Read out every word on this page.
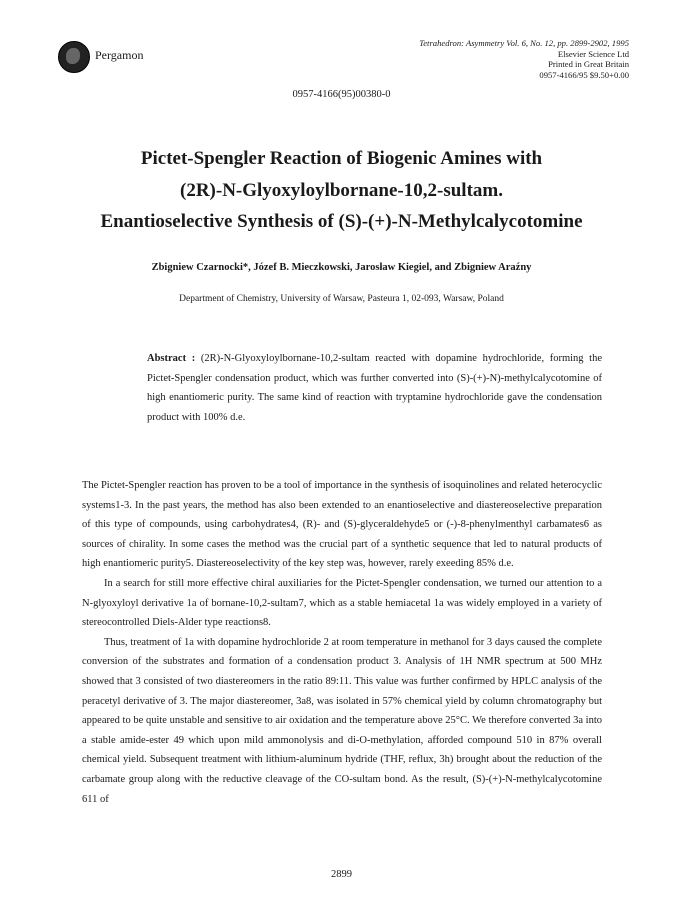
Pergamon
Tetrahedron: Asymmetry Vol. 6, No. 12, pp. 2899-2902, 1995
Elsevier Science Ltd
Printed in Great Britain
0957-4166/95 $9.50+0.00
0957-4166(95)00380-0
Pictet-Spengler Reaction of Biogenic Amines with
(2R)-N-Glyoxyloylbornane-10,2-sultam.
Enantioselective Synthesis of (S)-(+)-N-Methylcalycotomine
Zbigniew Czarnocki*, Józef B. Mieczkowski, Jarosław Kiegiel, and Zbigniew Araźny
Department of Chemistry, University of Warsaw, Pasteura 1, 02-093, Warsaw, Poland
Abstract : (2R)-N-Glyoxyloylbornane-10,2-sultam reacted with dopamine hydrochloride, forming the Pictet-Spengler condensation product, which was further converted into (S)-(+)-N)-methylcalycotomine of high enantiomeric purity. The same kind of reaction with tryptamine hydrochloride gave the condensation product with 100% d.e.

The Pictet-Spengler reaction has proven to be a tool of importance in the synthesis of isoquinolines and related heterocyclic systems1-3. In the past years, the method has also been extended to an enantioselective and diastereoselective preparation of this type of compounds, using carbohydrates4, (R)- and (S)-glyceraldehyde5 or (-)-8-phenylmenthyl carbamates6 as sources of chirality. In some cases the method was the crucial part of a synthetic sequence that led to natural products of high enantiomeric purity5. Diastereoselectivity of the key step was, however, rarely exeeding 85% d.e.

In a search for still more effective chiral auxiliaries for the Pictet-Spengler condensation, we turned our attention to a N-glyoxyloyl derivative 1a of bornane-10,2-sultam7, which as a stable hemiacetal 1a was widely employed in a variety of stereocontrolled Diels-Alder type reactions8.

Thus, treatment of 1a with dopamine hydrochloride 2 at room temperature in methanol for 3 days caused the complete conversion of the substrates and formation of a condensation product 3. Analysis of 1H NMR spectrum at 500 MHz showed that 3 consisted of two diastereomers in the ratio 89:11. This value was further confirmed by HPLC analysis of the peracetyl derivative of 3. The major diastereomer, 3a8, was isolated in 57% chemical yield by column chromatography but appeared to be quite unstable and sensitive to air oxidation and the temperature above 25°C. We therefore converted 3a into a stable amide-ester 49 which upon mild ammonolysis and di-O-methylation, afforded compound 510 in 87% overall chemical yield. Subsequent treatment with lithium-aluminum hydride (THF, reflux, 3h) brought about the reduction of the carbamate group along with the reductive cleavage of the CO-sultam bond. As the result, (S)-(+)-N-methylcalycotomine 611 of

2899
